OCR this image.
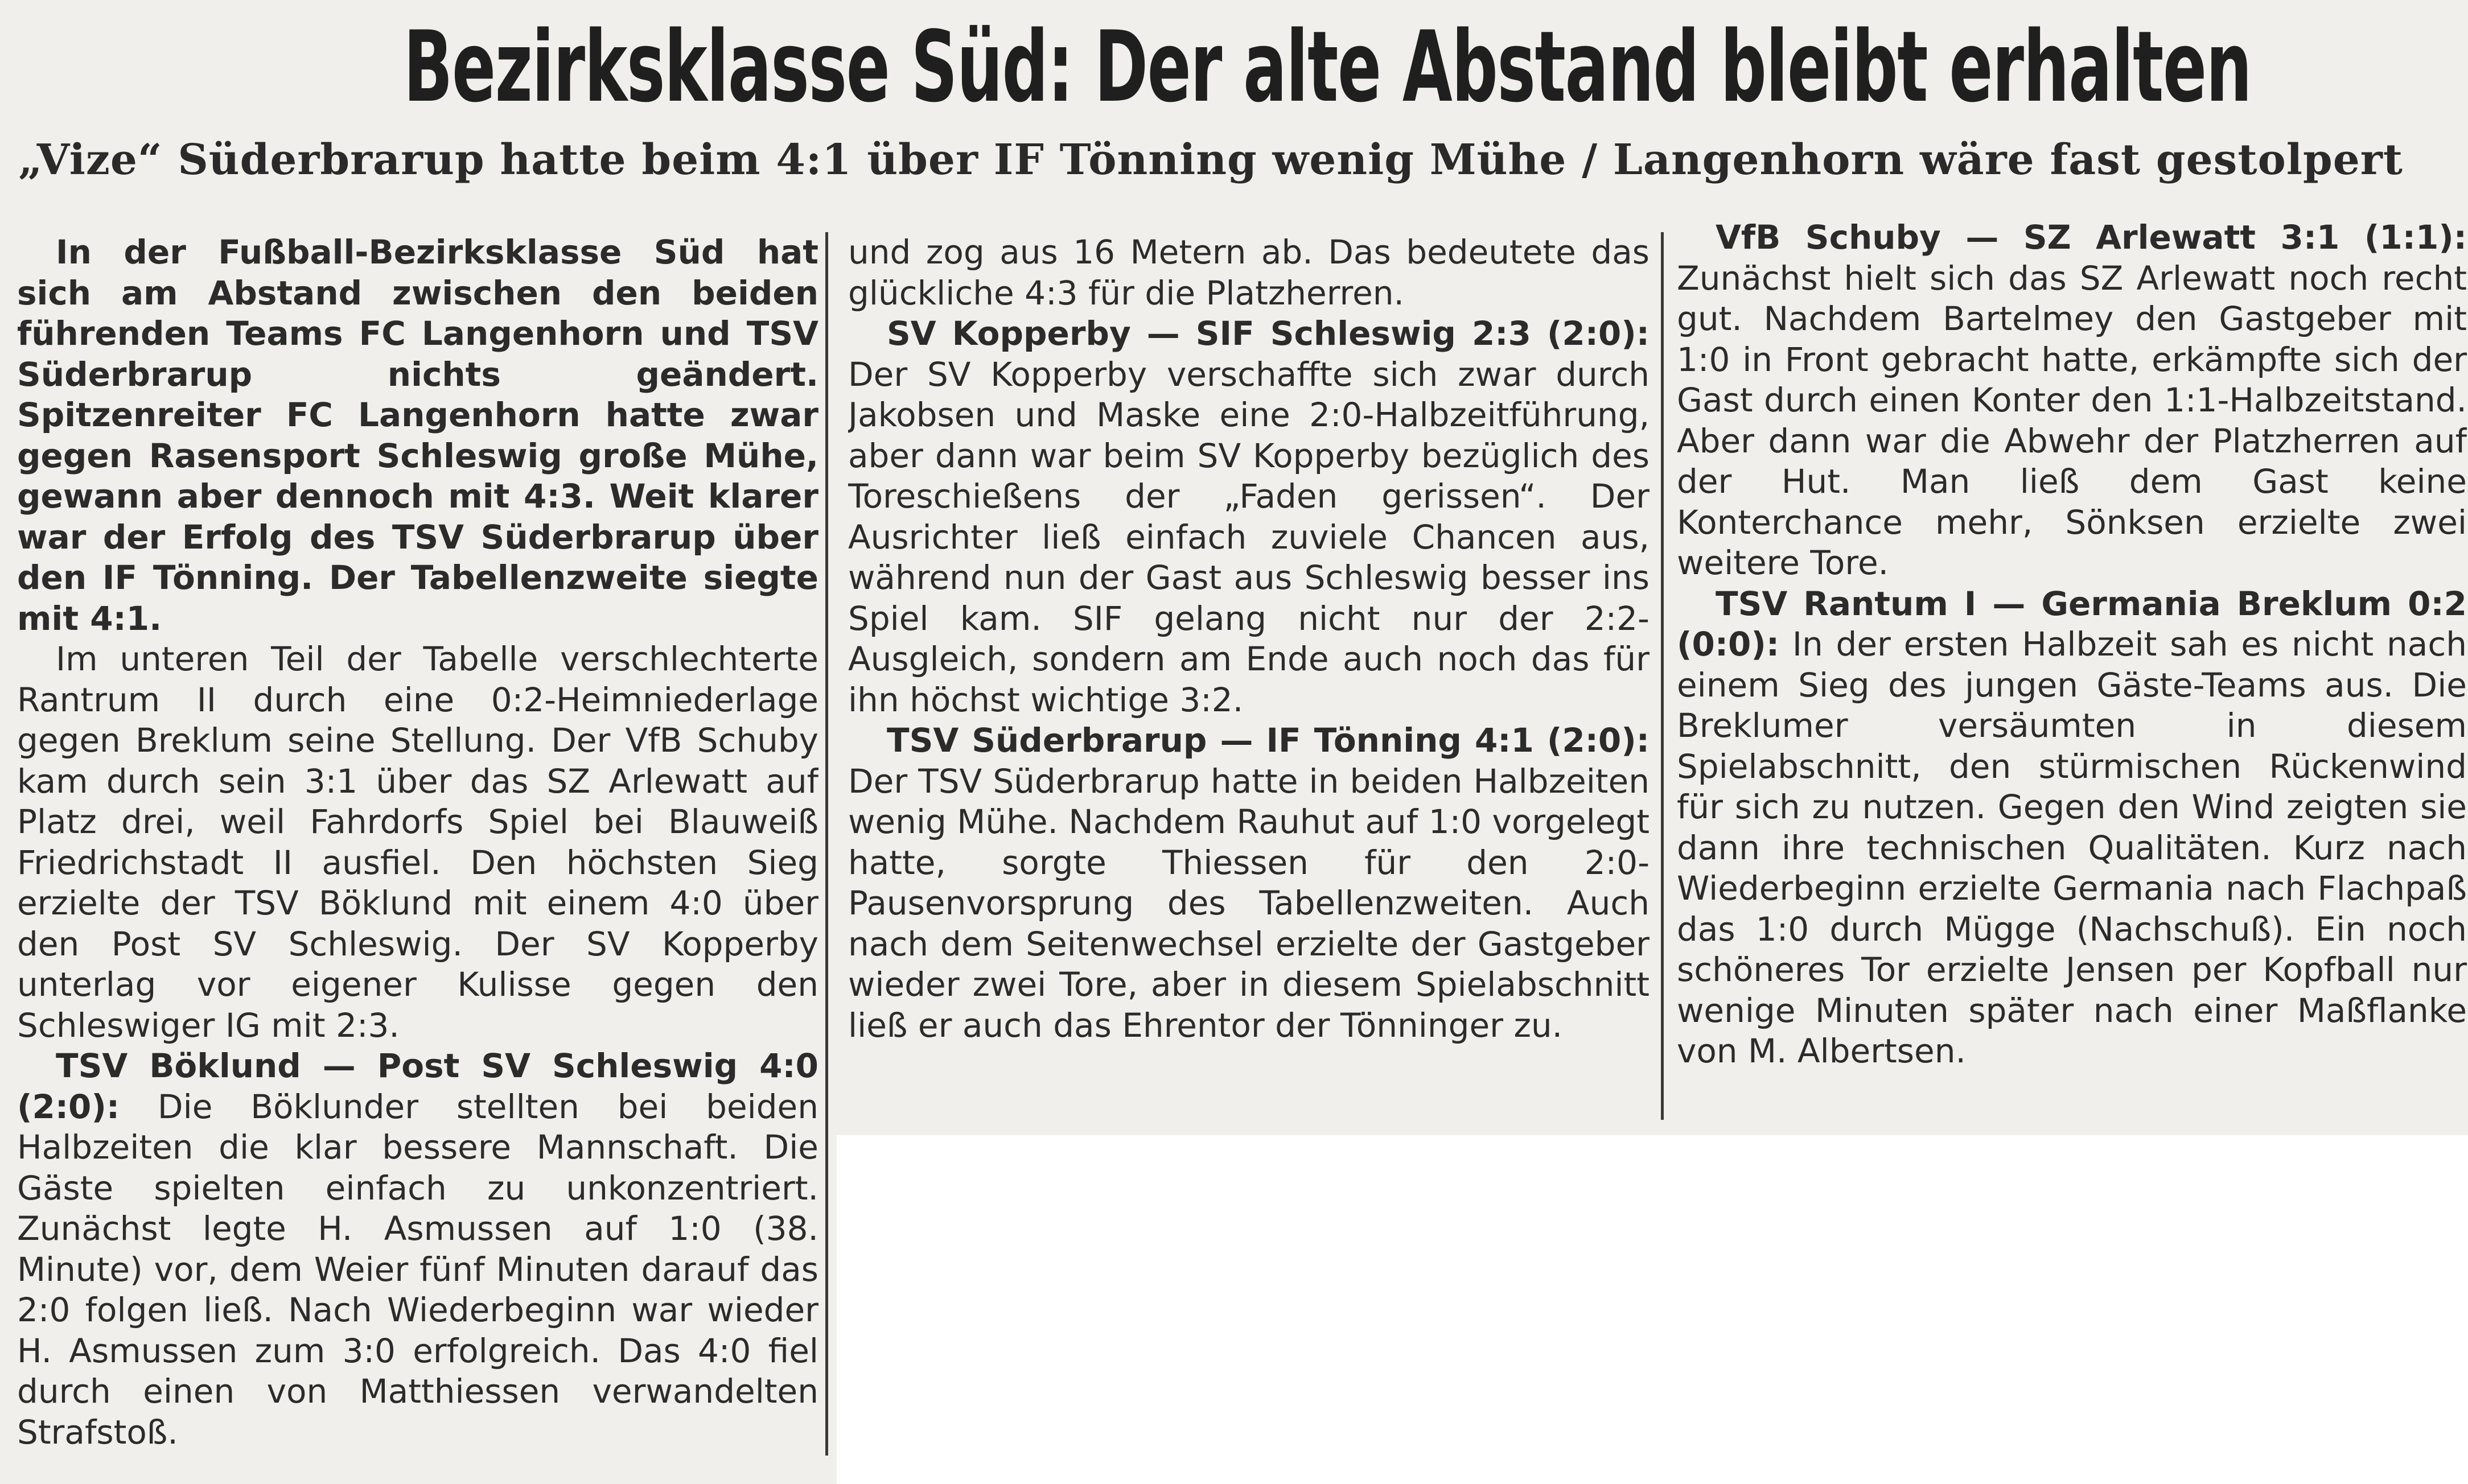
Bezirksklasse Süd: Der alte Abstand bleibt erhalten
„Vize“ Süderbrarup hatte beim 4:1 über IF Tönning wenig Mühe / Langenhorn wäre fast gestolpert

In der Fußball-Bezirksklasse Süd hat sich am Abstand zwischen den beiden führenden Teams FC Langenhorn und TSV Süderbrarup nichts geändert. Spitzenreiter FC Langenhorn hatte zwar gegen Rasensport Schleswig große Mühe, gewann aber dennoch mit 4:3. Weit klarer war der Erfolg des TSV Süderbrarup über den IF Tönning. Der Tabellenzweite siegte mit 4:1.

Im unteren Teil der Tabelle verschlechterte Rantrum II durch eine 0:2-Heimniederlage gegen Breklum seine Stellung. Der VfB Schuby kam durch sein 3:1 über das SZ Arlewatt auf Platz drei, weil Fahrdorfs Spiel bei Blauweiß Friedrichstadt II ausfiel. Den höchsten Sieg erzielte der TSV Böklund mit einem 4:0 über den Post SV Schleswig. Der SV Kopperby unterlag vor eigener Kulisse gegen den Schleswiger IG mit 2:3.

TSV Böklund — Post SV Schleswig 4:0 (2:0): Die Böklunder stellten bei beiden Halbzeiten die klar bessere Mannschaft. Die Gäste spielten einfach zu unkonzentriert. Zunächst legte H. Asmussen auf 1:0 (38. Minute) vor, dem Weier fünf Minuten darauf das 2:0 folgen ließ. Nach Wiederbeginn war wieder H. Asmussen zum 3:0 erfolgreich. Das 4:0 fiel durch einen von Matthiessen verwandelten Strafstoß.

und zog aus 16 Metern ab. Das bedeutete das glückliche 4:3 für die Platzherren.

SV Kopperby — SIF Schleswig 2:3 (2:0): Der SV Kopperby verschaffte sich zwar durch Jakobsen und Maske eine 2:0-Halbzeitführung, aber dann war beim SV Kopperby bezüglich des Toreschießens der „Faden gerissen“. Der Ausrichter ließ einfach zuviele Chancen aus, während nun der Gast aus Schleswig besser ins Spiel kam. SIF gelang nicht nur der 2:2-Ausgleich, sondern am Ende auch noch das für ihn höchst wichtige 3:2.

TSV Süderbrarup — IF Tönning 4:1 (2:0): Der TSV Süderbrarup hatte in beiden Halbzeiten wenig Mühe. Nachdem Rauhut auf 1:0 vorgelegt hatte, sorgte Thiessen für den 2:0-Pausenvorsprung des Tabellenzweiten. Auch nach dem Seitenwechsel erzielte der Gastgeber wieder zwei Tore, aber in diesem Spielabschnitt ließ er auch das Ehrentor der Tönninger zu.

VfB Schuby — SZ Arlewatt 3:1 (1:1): Zunächst hielt sich das SZ Arlewatt noch recht gut. Nachdem Bartelmey den Gastgeber mit 1:0 in Front gebracht hatte, erkämpfte sich der Gast durch einen Konter den 1:1-Halbzeitstand. Aber dann war die Abwehr der Platzherren auf der Hut. Man ließ dem Gast keine Konterchance mehr, Sönksen erzielte zwei weitere Tore.

TSV Rantum I — Germania Breklum 0:2 (0:0): In der ersten Halbzeit sah es nicht nach einem Sieg des jungen Gäste-Teams aus. Die Breklumer versäumten in diesem Spielabschnitt, den stürmischen Rückenwind für sich zu nutzen. Gegen den Wind zeigten sie dann ihre technischen Qualitäten. Kurz nach Wiederbeginn erzielte Germania nach Flachpaß das 1:0 durch Mügge (Nachschuß). Ein noch schöneres Tor erzielte Jensen per Kopfball nur wenige Minuten später nach einer Maßflanke von M. Albertsen.
